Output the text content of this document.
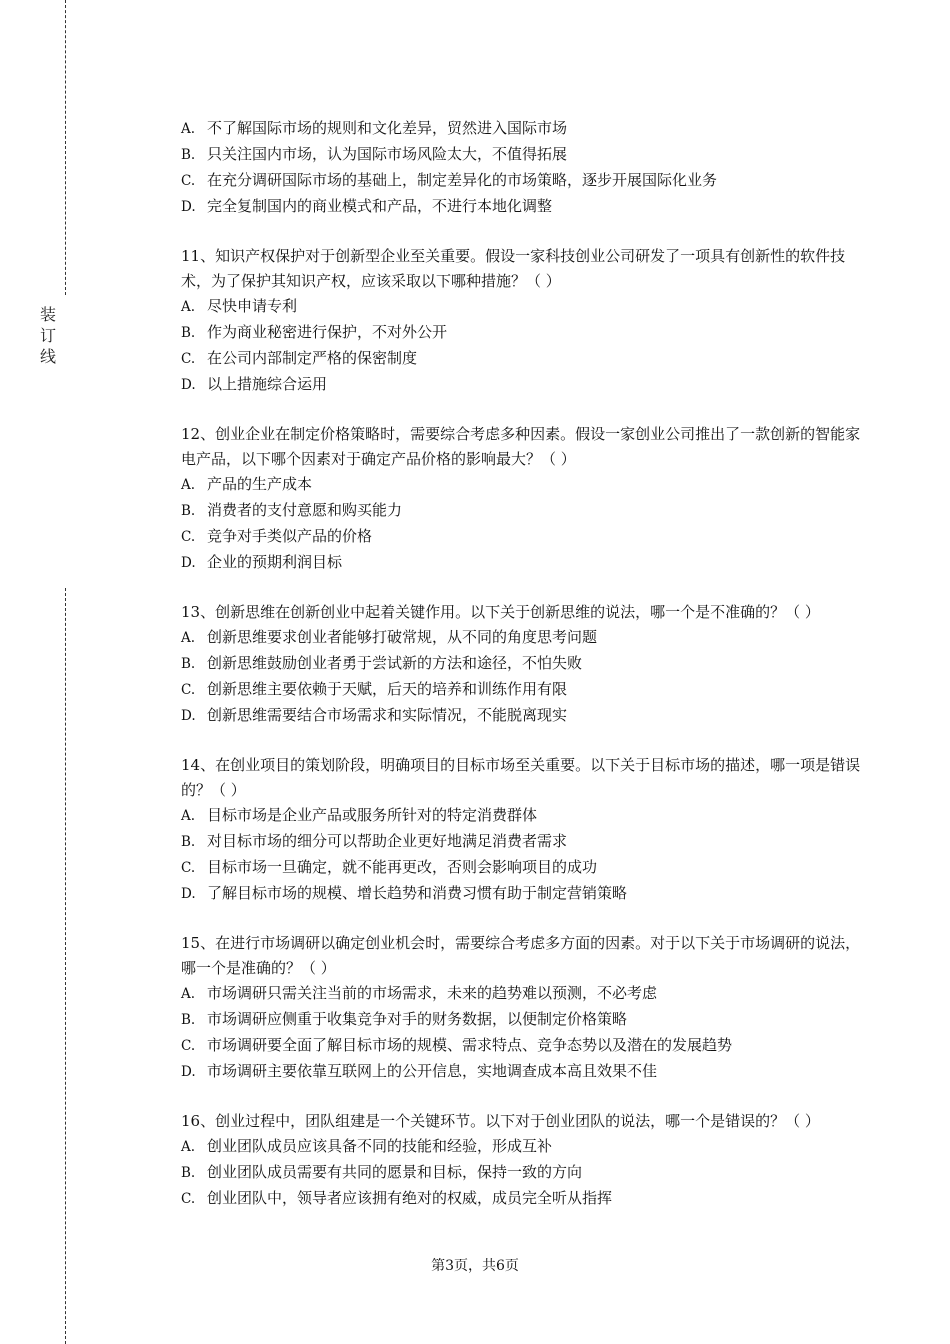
装
订
线
A. 不了解国际市场的规则和文化差异，贸然进入国际市场
B. 只关注国内市场，认为国际市场风险太大，不值得拓展
C. 在充分调研国际市场的基础上，制定差异化的市场策略，逐步开展国际化业务
D. 完全复制国内的商业模式和产品，不进行本地化调整

11、知识产权保护对于创新型企业至关重要。假设一家科技创业公司研发了一项具有创新性的软件技术，为了保护其知识产权，应该采取以下哪种措施？（ ）

A. 尽快申请专利
B. 作为商业秘密进行保护，不对外公开
C. 在公司内部制定严格的保密制度
D. 以上措施综合运用

12、创业企业在制定价格策略时，需要综合考虑多种因素。假设一家创业公司推出了一款创新的智能家电产品，以下哪个因素对于确定产品价格的影响最大？（ ）

A. 产品的生产成本
B. 消费者的支付意愿和购买能力
C. 竞争对手类似产品的价格
D. 企业的预期利润目标

13、创新思维在创新创业中起着关键作用。以下关于创新思维的说法，哪一个是不准确的？（ ）

A. 创新思维要求创业者能够打破常规，从不同的角度思考问题
B. 创新思维鼓励创业者勇于尝试新的方法和途径，不怕失败
C. 创新思维主要依赖于天赋，后天的培养和训练作用有限
D. 创新思维需要结合市场需求和实际情况，不能脱离现实

14、在创业项目的策划阶段，明确项目的目标市场至关重要。以下关于目标市场的描述，哪一项是错误的？（ ）

A. 目标市场是企业产品或服务所针对的特定消费群体
B. 对目标市场的细分可以帮助企业更好地满足消费者需求
C. 目标市场一旦确定，就不能再更改，否则会影响项目的成功
D. 了解目标市场的规模、增长趋势和消费习惯有助于制定营销策略

15、在进行市场调研以确定创业机会时，需要综合考虑多方面的因素。对于以下关于市场调研的说法，哪一个是准确的？（ ）

A. 市场调研只需关注当前的市场需求，未来的趋势难以预测，不必考虑
B. 市场调研应侧重于收集竞争对手的财务数据，以便制定价格策略
C. 市场调研要全面了解目标市场的规模、需求特点、竞争态势以及潜在的发展趋势
D. 市场调研主要依靠互联网上的公开信息，实地调查成本高且效果不佳

16、创业过程中，团队组建是一个关键环节。以下对于创业团队的说法，哪一个是错误的？（ ）

A. 创业团队成员应该具备不同的技能和经验，形成互补
B. 创业团队成员需要有共同的愿景和目标，保持一致的方向
C. 创业团队中，领导者应该拥有绝对的权威，成员完全听从指挥
第3页，共6页
